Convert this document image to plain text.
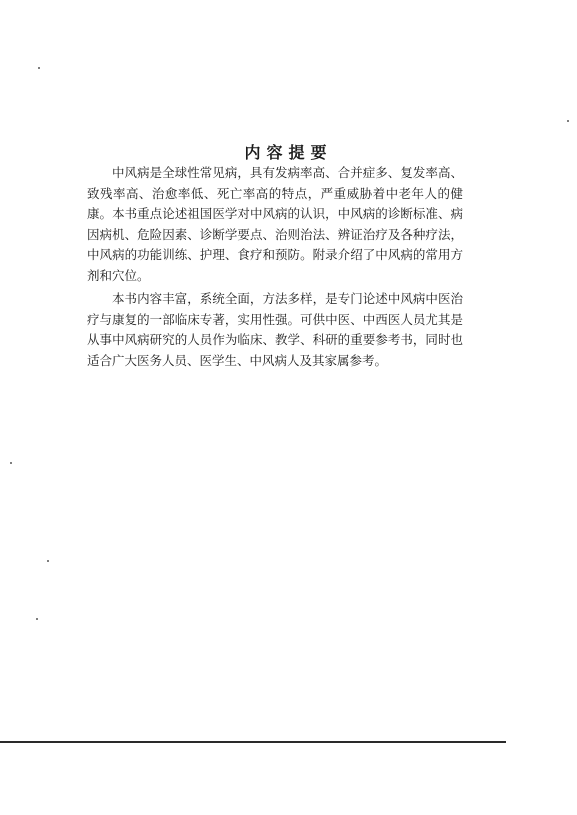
内容提要

中风病是全球性常见病，具有发病率高、合并症多、复发率高、致残率高、治愈率低、死亡率高的特点，严重威胁着中老年人的健康。本书重点论述祖国医学对中风病的认识，中风病的诊断标准、病因病机、危险因素、诊断学要点、治则治法、辨证治疗及各种疗法，中风病的功能训练、护理、食疗和预防。附录介绍了中风病的常用方剂和穴位。

本书内容丰富，系统全面，方法多样，是专门论述中风病中医治疗与康复的一部临床专著，实用性强。可供中医、中西医人员尤其是从事中风病研究的人员作为临床、教学、科研的重要参考书，同时也适合广大医务人员、医学生、中风病人及其家属参考。
